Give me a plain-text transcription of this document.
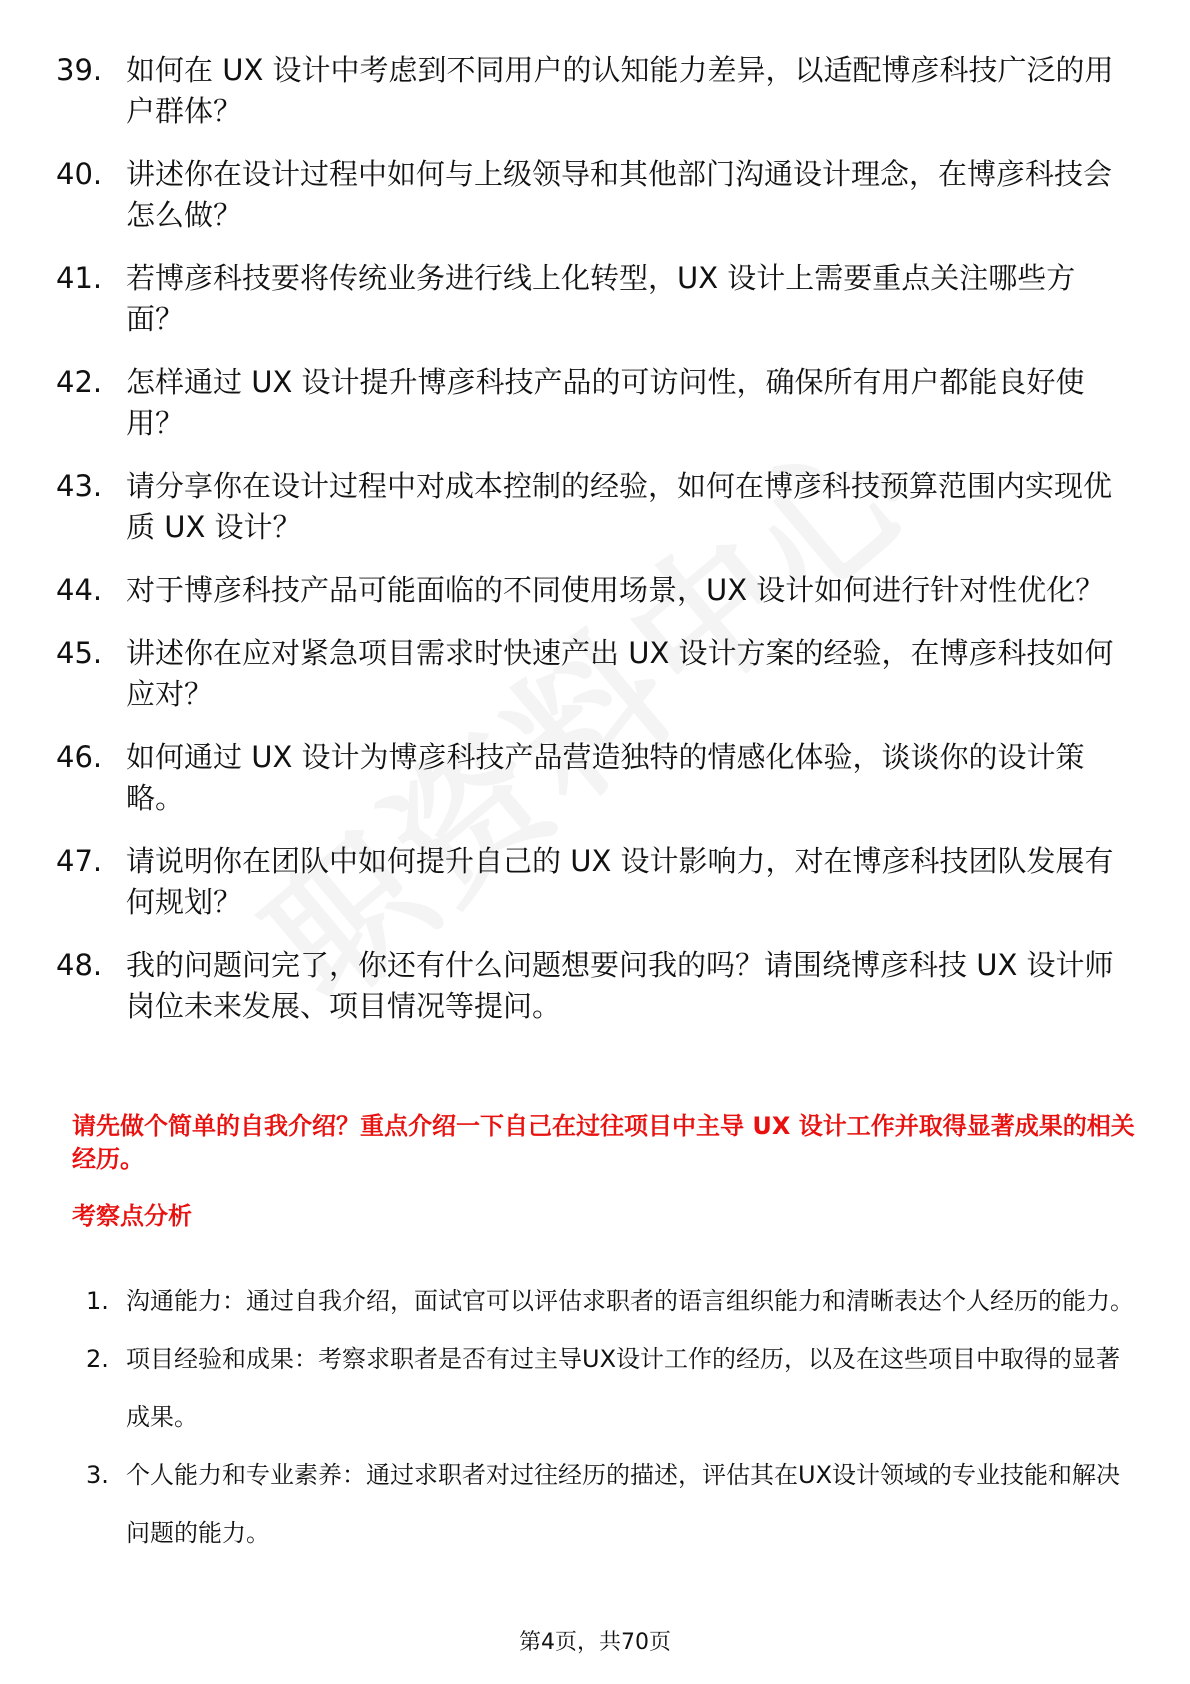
39. 如何在 UX 设计中考虑到不同用户的认知能力差异，以适配博彦科技广泛的用户群体？
40. 讲述你在设计过程中如何与上级领导和其他部门沟通设计理念，在博彦科技会怎么做？
41. 若博彦科技要将传统业务进行线上化转型，UX 设计上需要重点关注哪些方面？
42. 怎样通过 UX 设计提升博彦科技产品的可访问性，确保所有用户都能良好使用？
43. 请分享你在设计过程中对成本控制的经验，如何在博彦科技预算范围内实现优质 UX 设计？
44. 对于博彦科技产品可能面临的不同使用场景，UX 设计如何进行针对性优化？
45. 讲述你在应对紧急项目需求时快速产出 UX 设计方案的经验，在博彦科技如何应对？
46. 如何通过 UX 设计为博彦科技产品营造独特的情感化体验，谈谈你的设计策略。
47. 请说明你在团队中如何提升自己的 UX 设计影响力，对在博彦科技团队发展有何规划？
48. 我的问题问完了，你还有什么问题想要问我的吗？请围绕博彦科技 UX 设计师岗位未来发展、项目情况等提问。
请先做个简单的自我介绍？重点介绍一下自己在过往项目中主导 UX 设计工作并取得显著成果的相关经历。
考察点分析
1. 沟通能力：通过自我介绍，面试官可以评估求职者的语言组织能力和清晰表达个人经历的能力。
2. 项目经验和成果：考察求职者是否有过主导UX设计工作的经历，以及在这些项目中取得的显著成果。
3. 个人能力和专业素养：通过求职者对过往经历的描述，评估其在UX设计领域的专业技能和解决问题的能力。
第4页，共70页
